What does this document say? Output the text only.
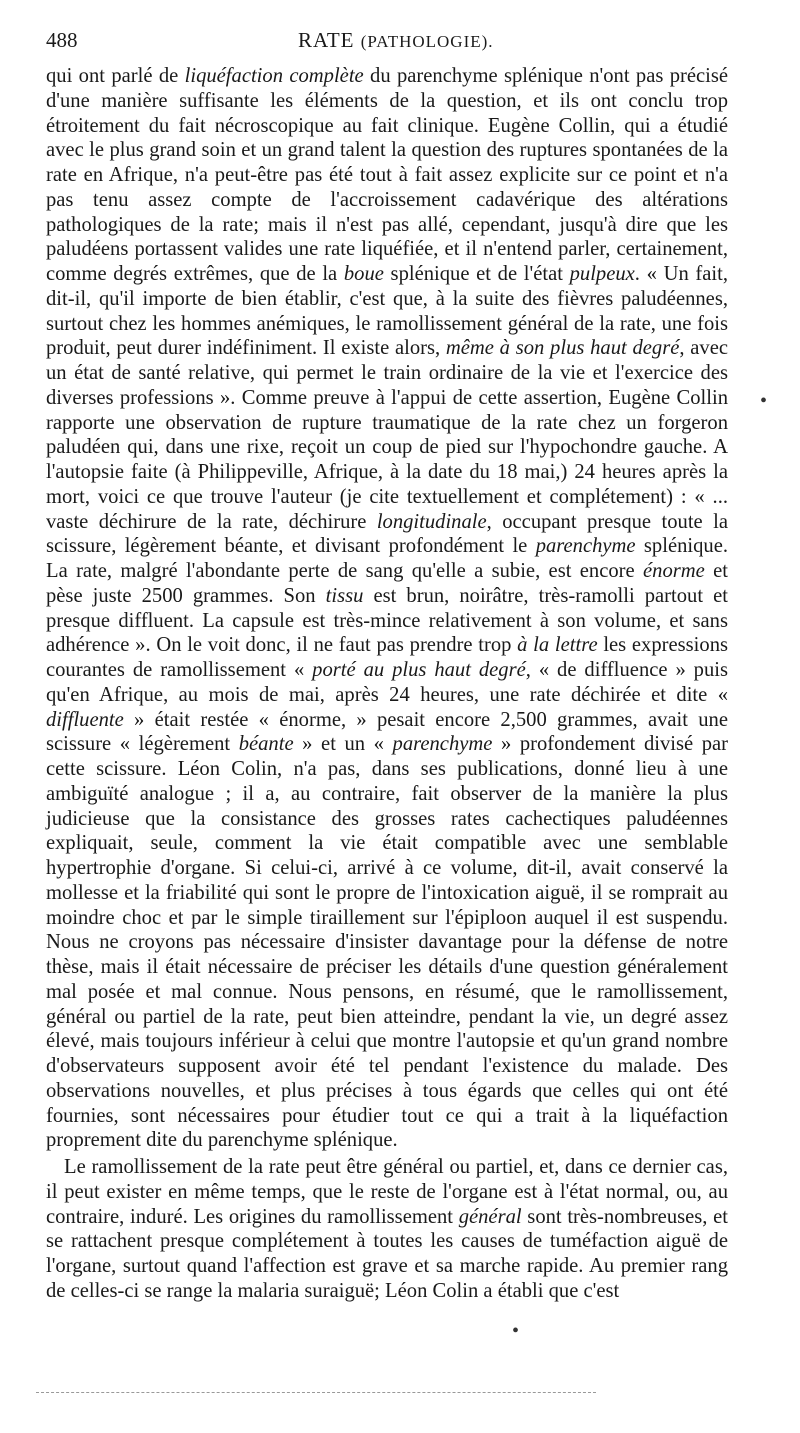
488	RATE (PATHOLOGIE).

qui ont parlé de liquéfaction complète du parenchyme splénique n'ont pas précisé d'une manière suffisante les éléments de la question, et ils ont conclu trop étroitement du fait nécroscopique au fait clinique. Eugène Collin, qui a étudié avec le plus grand soin et un grand talent la question des ruptures spontanées de la rate en Afrique, n'a peut-être pas été tout à fait assez explicite sur ce point et n'a pas tenu assez compte de l'accroissement cadavérique des altérations pathologiques de la rate; mais il n'est pas allé, cependant, jusqu'à dire que les paludéens portassent valides une rate liquéfiée, et il n'entend parler, certainement, comme degrés extrêmes, que de la boue splénique et de l'état pulpeux. « Un fait, dit-il, qu'il importe de bien établir, c'est que, à la suite des fièvres paludéennes, surtout chez les hommes anémiques, le ramollissement général de la rate, une fois produit, peut durer indéfiniment. Il existe alors, même à son plus haut degré, avec un état de santé relative, qui permet le train ordinaire de la vie et l'exercice des diverses professions ». Comme preuve à l'appui de cette assertion, Eugène Collin rapporte une observation de rupture traumatique de la rate chez un forgeron paludéen qui, dans une rixe, reçoit un coup de pied sur l'hypochondre gauche. A l'autopsie faite (à Philippeville, Afrique, à la date du 18 mai,) 24 heures après la mort, voici ce que trouve l'auteur (je cite textuellement et complétement) : « ... vaste déchirure de la rate, déchirure longitudinale, occupant presque toute la scissure, légèrement béante, et divisant profondément le parenchyme splénique. La rate, malgré l'abondante perte de sang qu'elle a subie, est encore énorme et pèse juste 2500 grammes. Son tissu est brun, noirâtre, très-ramolli partout et presque diffluent. La capsule est très-mince relativement à son volume, et sans adhérence ». On le voit donc, il ne faut pas prendre trop à la lettre les expressions courantes de ramollissement « porté au plus haut degré, « de diffluence » puis qu'en Afrique, au mois de mai, après 24 heures, une rate déchirée et dite « diffluente » était restée « énorme, » pesait encore 2,500 grammes, avait une scissure « légèrement béante » et un « parenchyme » profondement divisé par cette scissure. Léon Colin, n'a pas, dans ses publications, donné lieu à une ambiguïté analogue ; il a, au contraire, fait observer de la manière la plus judicieuse que la consistance des grosses rates cachectiques paludéennes expliquait, seule, comment la vie était compatible avec une semblable hypertrophie d'organe. Si celui-ci, arrivé à ce volume, dit-il, avait conservé la mollesse et la friabilité qui sont le propre de l'intoxication aiguë, il se romprait au moindre choc et par le simple tiraillement sur l'épiploon auquel il est suspendu. Nous ne croyons pas nécessaire d'insister davantage pour la défense de notre thèse, mais il était nécessaire de préciser les détails d'une question généralement mal posée et mal connue. Nous pensons, en résumé, que le ramollissement, général ou partiel de la rate, peut bien atteindre, pendant la vie, un degré assez élevé, mais toujours inférieur à celui que montre l'autopsie et qu'un grand nombre d'observateurs supposent avoir été tel pendant l'existence du malade. Des observations nouvelles, et plus précises à tous égards que celles qui ont été fournies, sont nécessaires pour étudier tout ce qui a trait à la liquéfaction proprement dite du parenchyme splénique.

Le ramollissement de la rate peut être général ou partiel, et, dans ce dernier cas, il peut exister en même temps, que le reste de l'organe est à l'état normal, ou, au contraire, induré. Les origines du ramollissement général sont très-nombreuses, et se rattachent presque complétement à toutes les causes de tuméfaction aiguë de l'organe, surtout quand l'affection est grave et sa marche rapide. Au premier rang de celles-ci se range la malaria suraiguë; Léon Colin a établi que c'est

•
•
